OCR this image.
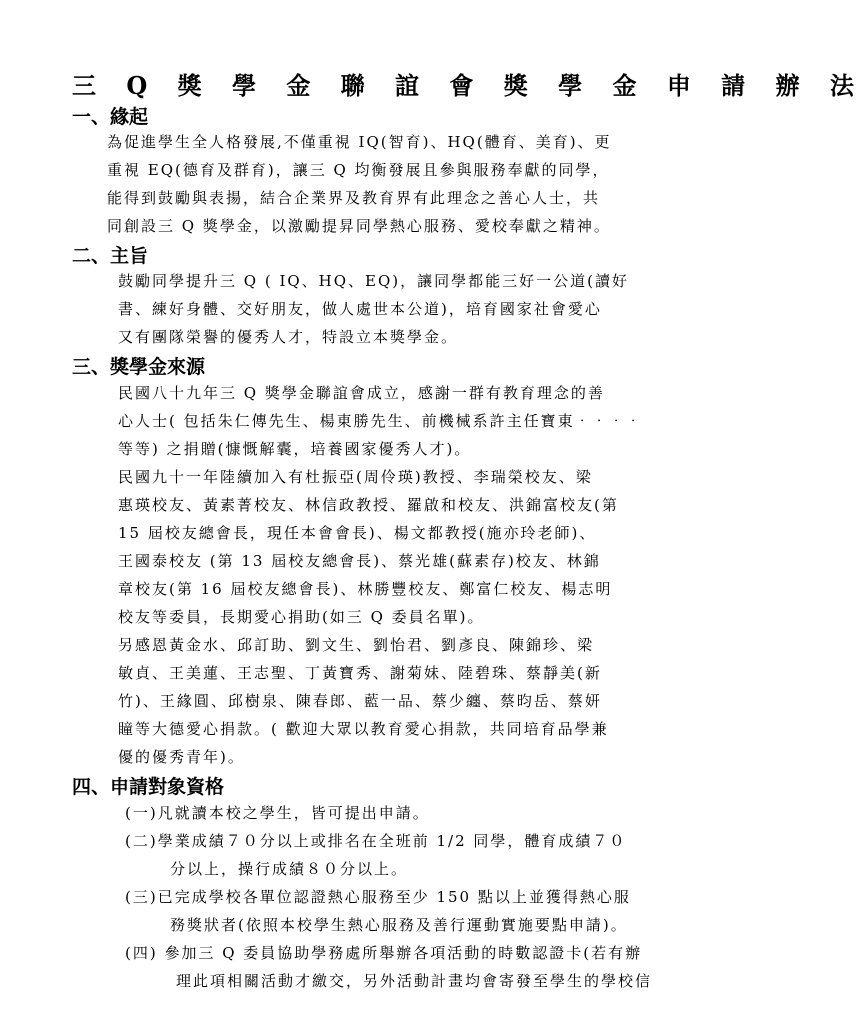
三 Q 獎 學 金 聯 誼 會 獎 學 金 申 請 辦 法
一、緣起
為促進學生全人格發展,不僅重視 IQ(智育)、HQ(體育、美育)、更
重視 EQ(德育及群育)，讓三 Q 均衡發展且參與服務奉獻的同學，
能得到鼓勵與表揚，結合企業界及教育界有此理念之善心人士，共
同創設三 Q 獎學金，以激勵提昇同學熱心服務、愛校奉獻之精神。
二、主旨
鼓勵同學提升三 Q ( IQ、HQ、EQ)，讓同學都能三好一公道(讀好
書、練好身體、交好朋友，做人處世本公道)，培育國家社會愛心
又有團隊榮譽的優秀人才，特設立本獎學金。
三、獎學金來源
民國八十九年三 Q 獎學金聯誼會成立，感謝一群有教育理念的善
心人士( 包括朱仁傳先生、楊東勝先生、前機械系許主任寶東‧‧‧‧
等等) 之捐贈(慷慨解囊，培養國家優秀人才)。
民國九十一年陸續加入有杜振亞(周伶瑛)教授、李瑞榮校友、梁
惠瑛校友、黃素菁校友、林信政教授、羅啟和校友、洪錦富校友(第
15 屆校友總會長，現任本會會長)、楊文都教授(施亦玲老師)、
王國泰校友 (第 13 屆校友總會長)、蔡光雄(蘇素存)校友、林錦
章校友(第 16 屆校友總會長)、林勝豐校友、鄭富仁校友、楊志明
校友等委員，長期愛心捐助(如三 Q 委員名單)。
另感恩黃金水、邱訂助、劉文生、劉怡君、劉彥良、陳錦珍、梁
敏貞、王美蓮、王志聖、丁黃寶秀、謝菊妹、陸碧珠、蔡靜美(新
竹)、王緣圓、邱樹泉、陳春郎、藍一品、蔡少纏、蔡昀岳、蔡妍
瞳等大德愛心捐款。( 歡迎大眾以教育愛心捐款，共同培育品學兼
優的優秀青年)。
四、申請對象資格
(一)凡就讀本校之學生，皆可提出申請。
(二)學業成績７０分以上或排名在全班前 1/2 同學，體育成績７０
分以上，操行成績８０分以上。
(三)已完成學校各單位認證熱心服務至少 150 點以上並獲得熱心服
務獎狀者(依照本校學生熱心服務及善行運動實施要點申請)。
(四) 參加三 Q 委員協助學務處所舉辦各項活動的時數認證卡(若有辦
理此項相關活動才繳交，另外活動計畫均會寄發至學生的學校信
